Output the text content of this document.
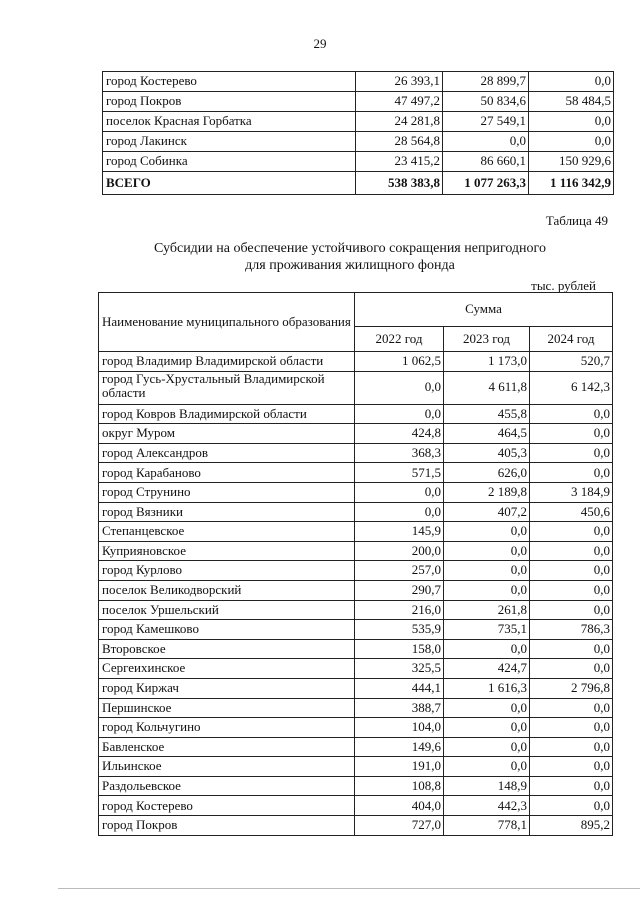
29
город Костерево	26 393,1	28 899,7	0,0
город Покров	47 497,2	50 834,6	58 484,5
поселок Красная Горбатка	24 281,8	27 549,1	0,0
город Лакинск	28 564,8	0,0	0,0
город Собинка	23 415,2	86 660,1	150 929,6
ВСЕГО	538 383,8	1 077 263,3	1 116 342,9
Таблица 49
Субсидии на обеспечение устойчивого сокращения непригодного
для проживания жилищного фонда
тыс. рублей
Наименование муниципального образования	Сумма		
	2022 год	2023 год	2024 год
город Владимир Владимирской области	1 062,5	1 173,0	520,7
город Гусь-Хрустальный Владимирской области	0,0	4 611,8	6 142,3
город Ковров Владимирской области	0,0	455,8	0,0
округ Муром	424,8	464,5	0,0
город Александров	368,3	405,3	0,0
город Карабаново	571,5	626,0	0,0
город Струнино	0,0	2 189,8	3 184,9
город Вязники	0,0	407,2	450,6
Степанцевское	145,9	0,0	0,0
Куприяновское	200,0	0,0	0,0
город Курлово	257,0	0,0	0,0
поселок Великодворский	290,7	0,0	0,0
поселок Уршельский	216,0	261,8	0,0
город Камешково	535,9	735,1	786,3
Втоpовское	158,0	0,0	0,0
Сергеихинское	325,5	424,7	0,0
город Киржач	444,1	1 616,3	2 796,8
Першинское	388,7	0,0	0,0
город Кольчугино	104,0	0,0	0,0
Бавленское	149,6	0,0	0,0
Ильинское	191,0	0,0	0,0
Раздольевское	108,8	148,9	0,0
город Костерево	404,0	442,3	0,0
город Покров	727,0	778,1	895,2
